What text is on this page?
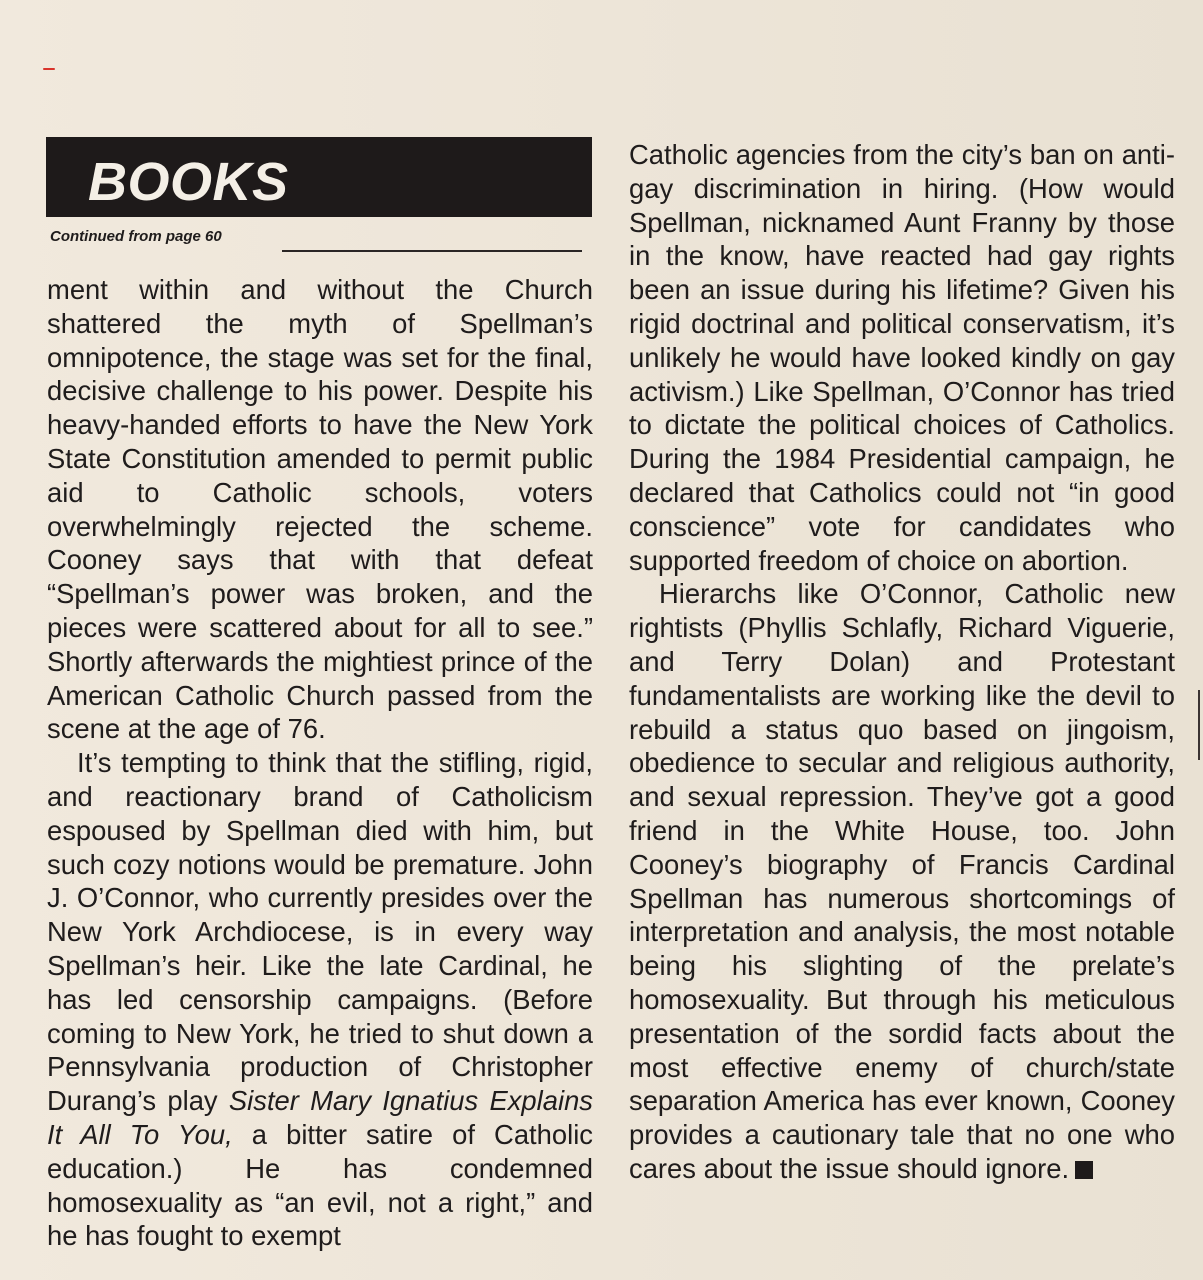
BOOKS
Continued from page 60

ment within and without the Church shattered the myth of Spellman’s omnipotence, the stage was set for the final, decisive challenge to his power. Despite his heavy-handed efforts to have the New York State Constitution amended to permit public aid to Catholic schools, voters overwhelmingly rejected the scheme. Cooney says that with that defeat “Spellman’s power was broken, and the pieces were scattered about for all to see.” Shortly afterwards the mightiest prince of the American Catholic Church passed from the scene at the age of 76.

It’s tempting to think that the stifling, rigid, and reactionary brand of Catholicism espoused by Spellman died with him, but such cozy notions would be premature. John J. O’Connor, who currently presides over the New York Archdiocese, is in every way Spellman’s heir. Like the late Cardinal, he has led censorship campaigns. (Before coming to New York, he tried to shut down a Pennsylvania production of Christopher Durang’s play Sister Mary Ignatius Explains It All To You, a bitter satire of Catholic education.) He has condemned homosexuality as “an evil, not a right,” and he has fought to exempt

Catholic agencies from the city’s ban on anti-gay discrimination in hiring. (How would Spellman, nicknamed Aunt Franny by those in the know, have reacted had gay rights been an issue during his lifetime? Given his rigid doctrinal and political conservatism, it’s unlikely he would have looked kindly on gay activism.) Like Spellman, O’Connor has tried to dictate the political choices of Catholics. During the 1984 Presidential campaign, he declared that Catholics could not “in good conscience” vote for candidates who supported freedom of choice on abortion.

Hierarchs like O’Connor, Catholic new rightists (Phyllis Schlafly, Richard Viguerie, and Terry Dolan) and Protestant fundamentalists are working like the devil to rebuild a status quo based on jingoism, obedience to secular and religious authority, and sexual repression. They’ve got a good friend in the White House, too. John Cooney’s biography of Francis Cardinal Spellman has numerous shortcomings of interpretation and analysis, the most notable being his slighting of the prelate’s homosexuality. But through his meticulous presentation of the sordid facts about the most effective enemy of church/state separation America has ever known, Cooney provides a cautionary tale that no one who cares about the issue should ignore.
